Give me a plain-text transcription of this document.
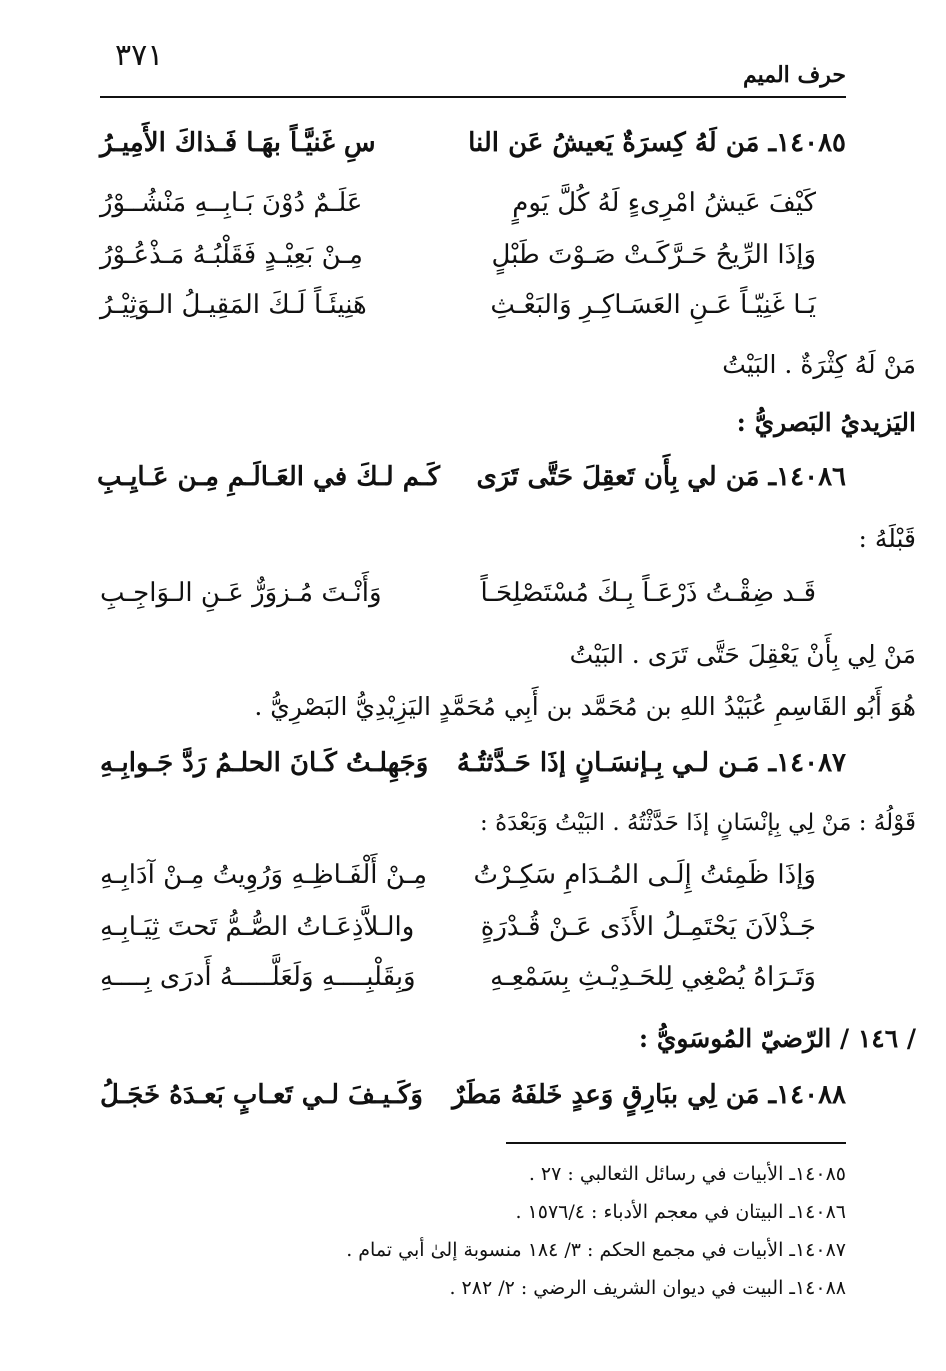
٣٧١
حرف الميم
١٤٠٨٥ـ مَن لَهُ كِسرَةٌ يَعيشُ عَن النا
سِ غَنيَّـاً بهَـا فَـذاكَ الأَمِيـرُ
كَيْفَ عَيشُ امْرِىءٍ لَهُ كُلَّ يَومٍ
عَلَـمٌ دُوْنَ بَـابِــهِ مَنْشُــوْرُ
وَإذَا الرِّيحُ حَـرَّكَـتْ صَـوْتَ طَبْلٍ
مِـنْ بَعِيْـدٍ فَقَلْبُـهُ مَـذْعُـوْرُ
يَـا غَنِيّـاً عَـنِ العَسَـاكِـرِ وَالبَعْـثِ
هَنِيئَـاً لَـكَ المَقِيـلُ الـوَثِيْـرُ
مَنْ لَهُ كِثْرَةٌ . البَيْتُ
اليَزيديُ البَصريُّ :
١٤٠٨٦ـ مَن لي بِأَن تَعقِلَ حَتَّى تَرَى
كَـم لـكَ في العَـالَـمِ مِـن عَـايِـبِ
قَبْلَهُ :
قَـد ضِقْـتُ ذَرْعَـاً بِـكَ مُسْتَصْلِحَـاً
وَأَنْـتَ مُـزوَرٌّ عَـنِ الـوَاجِـبِ
مَنْ لِي بِأَنْ يَعْقِلَ حَتَّى تَرَى . البَيْتُ
هُوَ أَبُو القَاسِمِ عُبَيْدُ اللهِ بن مُحَمَّد بن أَبِي مُحَمَّدٍ اليَزِيْدِيُّ البَصْرِيُّ .
١٤٠٨٧ـ مَـن لـي بِـإنسَـانٍ إذَا حَـدَّثتُـهُ
وَجَهِلـتُ كَـانَ الحلـمُ رَدَّ جَـوابِـهِ
قَوْلُهُ : مَنْ لِي بِإنْسَانٍ إذَا حَدَّثْتُهُ . البَيْتُ وَبَعْدَهُ :
وَإذَا ظَمِئتُ إِلَـى المُـدَامِ سَكِـرْتُ
مِـنْ أَلْفَـاظِـهِ وَرُوِيتُ مِـنْ آدَابِـهِ
جَـذْلاَنَ يَحْتَمِـلُ الأَذَى عَـنْ قُـدْرَةٍ
والـلاَّذِعَـاتُ الصُّـمُّ تَحتَ ثِيَـابِـهِ
وَتَـرَاهُ يُصْغِي لِلحَـدِيْـثِ بِسَمْعِـهِ
وَبِقَلْبِــــهِ وَلَعَلَّـــــهُ أَدرَى بِــــهِ
/ ١٤٦ / الرّضيّ المُوسَويُّ :
١٤٠٨٨ـ مَن لِي ببَارِقٍ وَعدٍ خَلفَهُ مَطَرٌ
وَكَـيـفَ لـي تَعـابٍ بَعـدَهُ خَجَـلُ
١٤٠٨٥ـ الأبيات في رسائل الثعالبي : ٢٧ .
١٤٠٨٦ـ البيتان في معجم الأدباء : ١٥٧٦/٤ .
١٤٠٨٧ـ الأبيات في مجمع الحكم : ٣/ ١٨٤ منسوبة إلىٰ أبي تمام .
١٤٠٨٨ـ البيت في ديوان الشريف الرضي : ٢/ ٢٨٢ .
